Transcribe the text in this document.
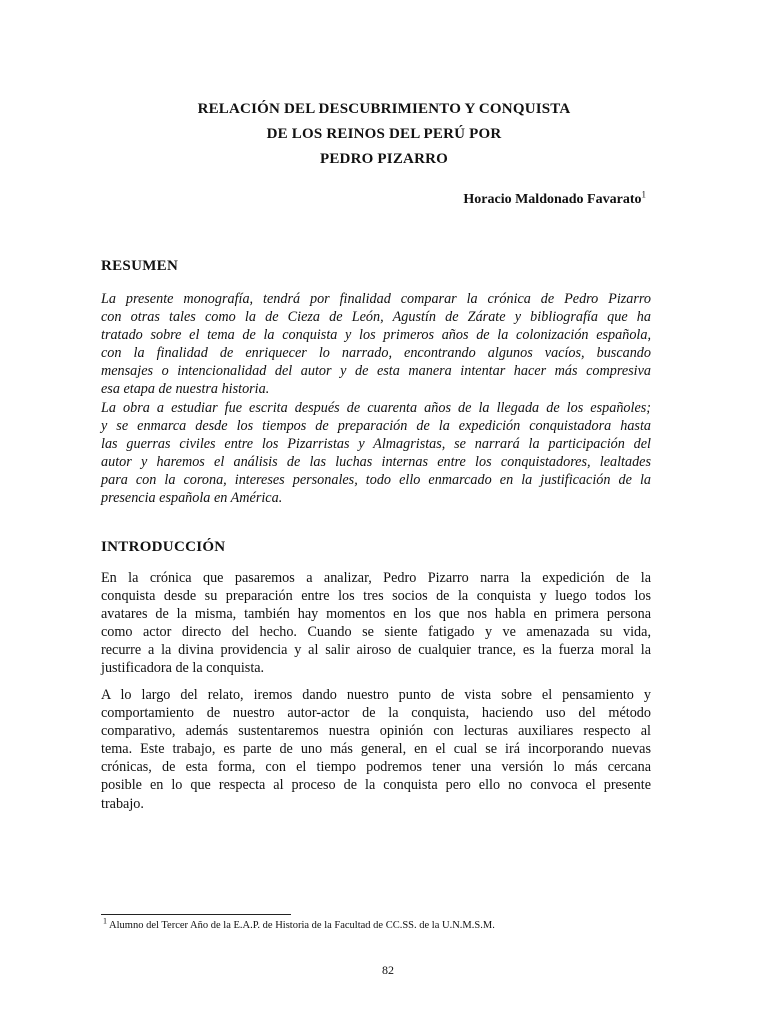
RELACIÓN DEL DESCUBRIMIENTO Y CONQUISTA
DE LOS REINOS DEL PERÚ POR
PEDRO PIZARRO
Horacio Maldonado Favarato$^1$
RESUMEN
La presente monografía, tendrá por finalidad comparar la crónica de Pedro Pizarro
con otras tales como la de Cieza de León, Agustín de Zárate y bibliografía que ha
tratado sobre el tema de la conquista y los primeros años de la colonización española,
con la finalidad de enriquecer lo narrado, encontrando algunos vacíos, buscando
mensajes o intencionalidad del autor y de esta manera intentar hacer más compresiva
esa etapa de nuestra historia.
La obra a estudiar fue escrita después de cuarenta años de la llegada de los españoles;
y se enmarca desde los tiempos de preparación de la expedición conquistadora hasta
las guerras civiles entre los Pizarristas y Almagristas, se narrará la participación del
autor y haremos el análisis de las luchas internas entre los conquistadores, lealtades
para con la corona, intereses personales, todo ello enmarcado en la justificación de la
presencia española en América.
INTRODUCCIÓN
En la crónica que pasaremos a analizar, Pedro Pizarro narra la expedición de la
conquista desde su preparación entre los tres socios de la conquista y luego todos los
avatares de la misma, también hay momentos en los que nos habla en primera persona
como actor directo del hecho. Cuando se siente fatigado y ve amenazada su vida,
recurre a la divina providencia y al salir airoso de cualquier trance, es la fuerza moral la
justificadora de la conquista.
A lo largo del relato, iremos dando nuestro punto de vista sobre el pensamiento y
comportamiento de nuestro autor-actor de la conquista, haciendo uso del método
comparativo, además sustentaremos nuestra opinión con lecturas auxiliares respecto al
tema. Este trabajo, es parte de uno más general, en el cual se irá incorporando nuevas
crónicas, de esta forma, con el tiempo podremos tener una versión lo más cercana
posible en lo que respecta al proceso de la conquista pero ello no convoca el presente
trabajo.
$^1$ Alumno del Tercer Año de la E.A.P. de Historia de la Facultad de CC.SS. de la U.N.M.S.M.
82
